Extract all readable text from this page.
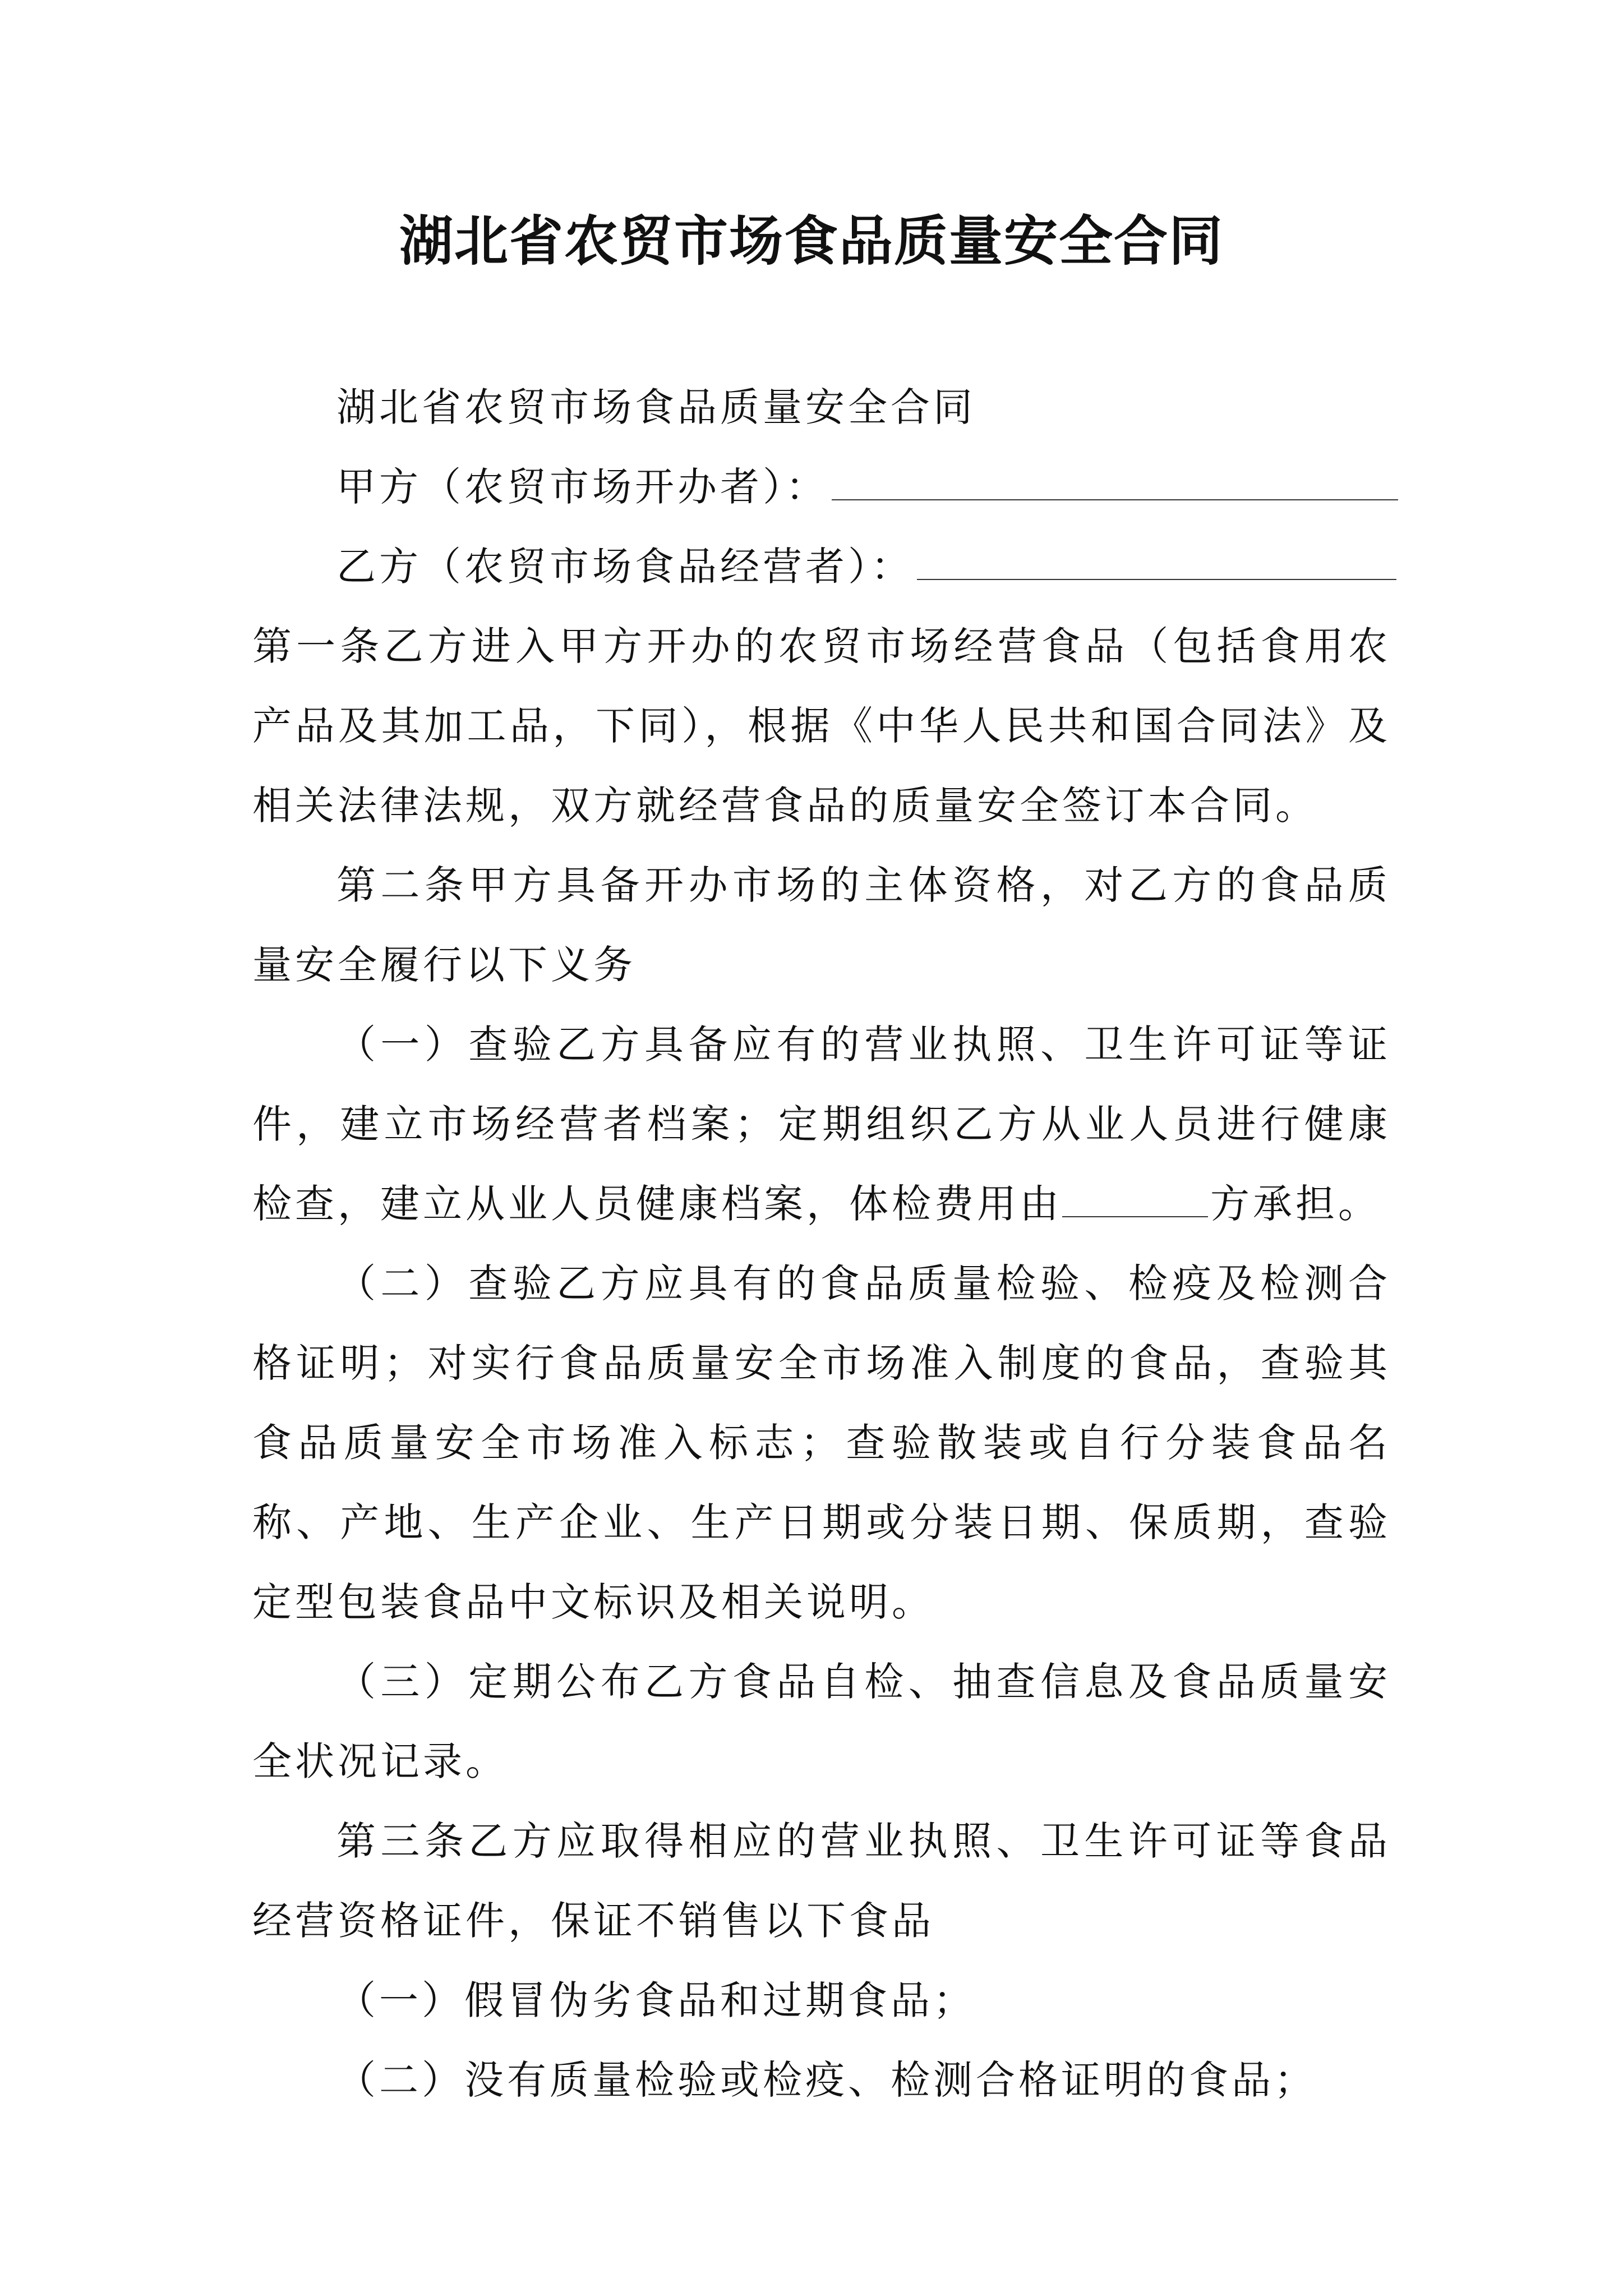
湖北省农贸市场食品质量安全合同

湖北省农贸市场食品质量安全合同

甲方（农贸市场开办者）：

乙方（农贸市场食品经营者）：

第一条乙方进入甲方开办的农贸市场经营食品（包括食用农产品及其加工品，下同），根据《中华人民共和国合同法》及相关法律法规，双方就经营食品的质量安全签订本合同。

第二条甲方具备开办市场的主体资格，对乙方的食品质量安全履行以下义务

（一）查验乙方具备应有的营业执照、卫生许可证等证件，建立市场经营者档案；定期组织乙方从业人员进行健康检查，建立从业人员健康档案，体检费用由	方承担。

（二）查验乙方应具有的食品质量检验、检疫及检测合格证明；对实行食品质量安全市场准入制度的食品，查验其食品质量安全市场准入标志；查验散装或自行分装食品名称、产地、生产企业、生产日期或分装日期、保质期，查验定型包装食品中文标识及相关说明。

（三）定期公布乙方食品自检、抽查信息及食品质量安全状况记录。

第三条乙方应取得相应的营业执照、卫生许可证等食品经营资格证件，保证不销售以下食品

（一）假冒伪劣食品和过期食品；

（二）没有质量检验或检疫、检测合格证明的食品；
